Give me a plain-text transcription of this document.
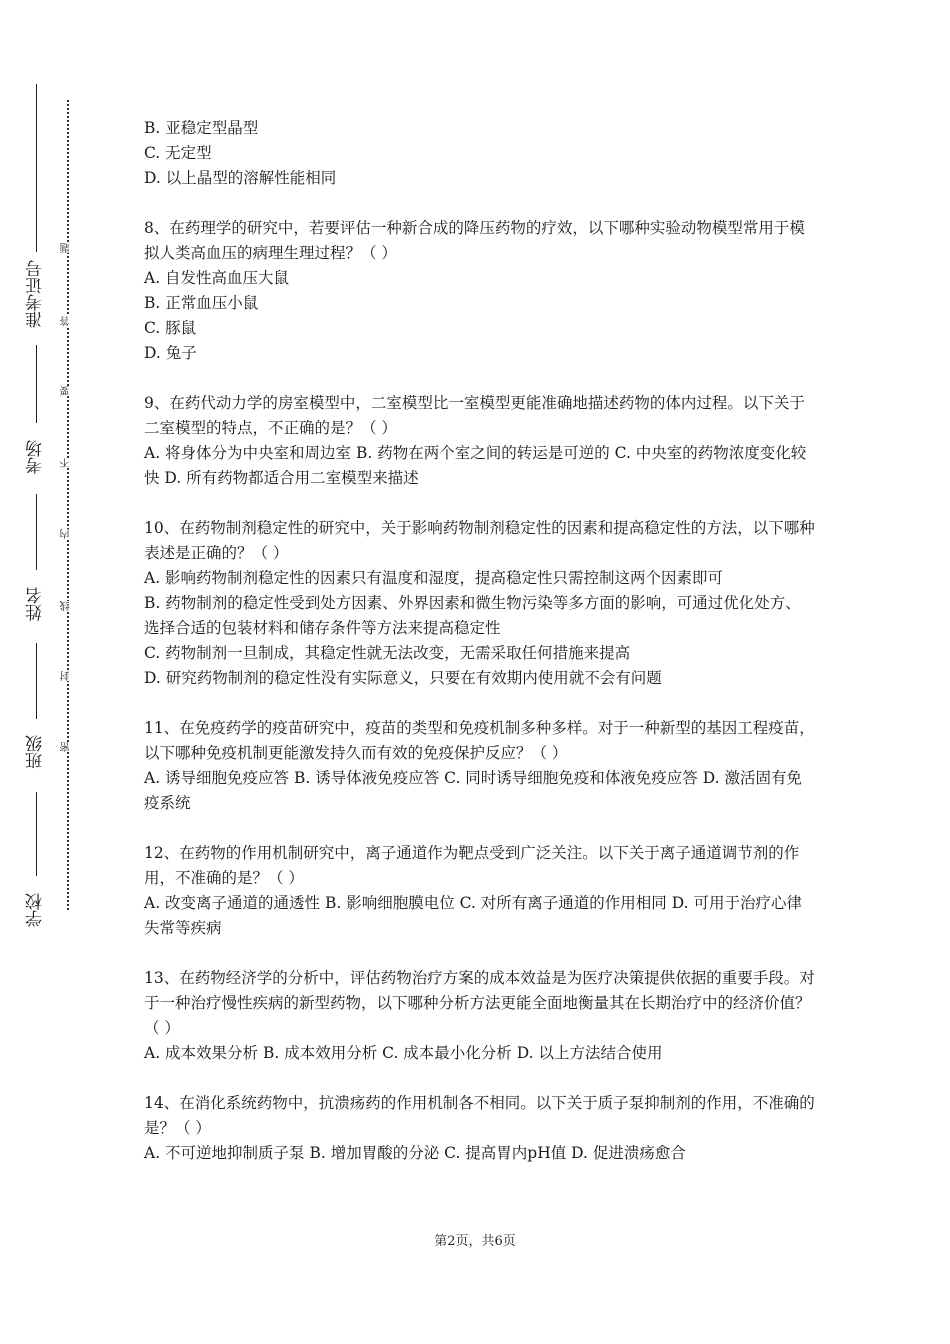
准考证号
考场
姓名
班级
学校
题
答
要
不
内
线
封
密

B. 亚稳定型晶型

C. 无定型

D. 以上晶型的溶解性能相同

8、在药理学的研究中，若要评估一种新合成的降压药物的疗效，以下哪种实验动物模型常用于模拟人类高血压的病理生理过程？（ ）

A. 自发性高血压大鼠

B. 正常血压小鼠

C. 豚鼠

D. 兔子

9、在药代动力学的房室模型中，二室模型比一室模型更能准确地描述药物的体内过程。以下关于二室模型的特点，不正确的是？（ ）

A. 将身体分为中央室和周边室 B. 药物在两个室之间的转运是可逆的 C. 中央室的药物浓度变化较快 D. 所有药物都适合用二室模型来描述

10、在药物制剂稳定性的研究中，关于影响药物制剂稳定性的因素和提高稳定性的方法，以下哪种表述是正确的？（ ）

A. 影响药物制剂稳定性的因素只有温度和湿度，提高稳定性只需控制这两个因素即可

B. 药物制剂的稳定性受到处方因素、外界因素和微生物污染等多方面的影响，可通过优化处方、选择合适的包装材料和储存条件等方法来提高稳定性

C. 药物制剂一旦制成，其稳定性就无法改变，无需采取任何措施来提高

D. 研究药物制剂的稳定性没有实际意义，只要在有效期内使用就不会有问题

11、在免疫药学的疫苗研究中，疫苗的类型和免疫机制多种多样。对于一种新型的基因工程疫苗，以下哪种免疫机制更能激发持久而有效的免疫保护反应？（ ）

A. 诱导细胞免疫应答 B. 诱导体液免疫应答 C. 同时诱导细胞免疫和体液免疫应答 D. 激活固有免疫系统

12、在药物的作用机制研究中，离子通道作为靶点受到广泛关注。以下关于离子通道调节剂的作用，不准确的是？（ ）

A. 改变离子通道的通透性 B. 影响细胞膜电位 C. 对所有离子通道的作用相同 D. 可用于治疗心律失常等疾病

13、在药物经济学的分析中，评估药物治疗方案的成本效益是为医疗决策提供依据的重要手段。对于一种治疗慢性疾病的新型药物，以下哪种分析方法更能全面地衡量其在长期治疗中的经济价值？（ ）

A. 成本效果分析 B. 成本效用分析 C. 成本最小化分析 D. 以上方法结合使用

14、在消化系统药物中，抗溃疡药的作用机制各不相同。以下关于质子泵抑制剂的作用，不准确的是？（ ）

A. 不可逆地抑制质子泵 B. 增加胃酸的分泌 C. 提高胃内pH值 D. 促进溃疡愈合

第2页，共6页
